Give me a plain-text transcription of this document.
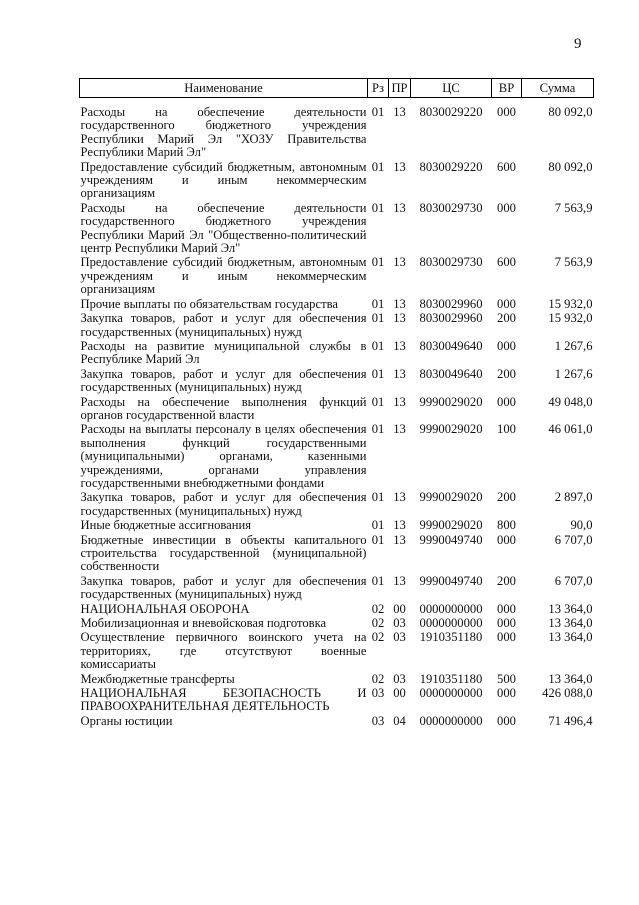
9
Наименование	Рз	ПР	ЦС	ВР	Сумма

Расходы на обеспечение деятельности государственного бюджетного учреждения Республики Марий Эл "ХОЗУ Правительства Республики Марий Эл"	01	13	8030029220	000	80 092,0
Предоставление субсидий бюджетным, автономным учреждениям и иным некоммерческим организациям	01	13	8030029220	600	80 092,0
Расходы на обеспечение деятельности государственного бюджетного учреждения Республики Марий Эл "Общественно-политический центр Республики Марий Эл"	01	13	8030029730	000	7 563,9
Предоставление субсидий бюджетным, автономным учреждениям и иным некоммерческим организациям	01	13	8030029730	600	7 563,9
Прочие выплаты по обязательствам государства	01	13	8030029960	000	15 932,0
Закупка товаров, работ и услуг для обеспечения государственных (муниципальных) нужд	01	13	8030029960	200	15 932,0
Расходы на развитие муниципальной службы в Республике Марий Эл	01	13	8030049640	000	1 267,6
Закупка товаров, работ и услуг для обеспечения государственных (муниципальных) нужд	01	13	8030049640	200	1 267,6
Расходы на обеспечение выполнения функций органов государственной власти	01	13	9990029020	000	49 048,0
Расходы на выплаты персоналу в целях обеспечения выполнения функций государственными (муниципальными) органами, казенными учреждениями, органами управления государственными внебюджетными фондами	01	13	9990029020	100	46 061,0
Закупка товаров, работ и услуг для обеспечения государственных (муниципальных) нужд	01	13	9990029020	200	2 897,0
Иные бюджетные ассигнования	01	13	9990029020	800	90,0
Бюджетные инвестиции в объекты капитального строительства государственной (муниципальной) собственности	01	13	9990049740	000	6 707,0
Закупка товаров, работ и услуг для обеспечения государственных (муниципальных) нужд	01	13	9990049740	200	6 707,0
НАЦИОНАЛЬНАЯ ОБОРОНА	02	00	0000000000	000	13 364,0
Мобилизационная и вневойсковая подготовка	02	03	0000000000	000	13 364,0
Осуществление первичного воинского учета на территориях, где отсутствуют военные комиссариаты	02	03	1910351180	000	13 364,0
Межбюджетные трансферты	02	03	1910351180	500	13 364,0
НАЦИОНАЛЬНАЯ БЕЗОПАСНОСТЬ И ПРАВООХРАНИТЕЛЬНАЯ ДЕЯТЕЛЬНОСТЬ	03	00	0000000000	000	426 088,0
Органы юстиции	03	04	0000000000	000	71 496,4
